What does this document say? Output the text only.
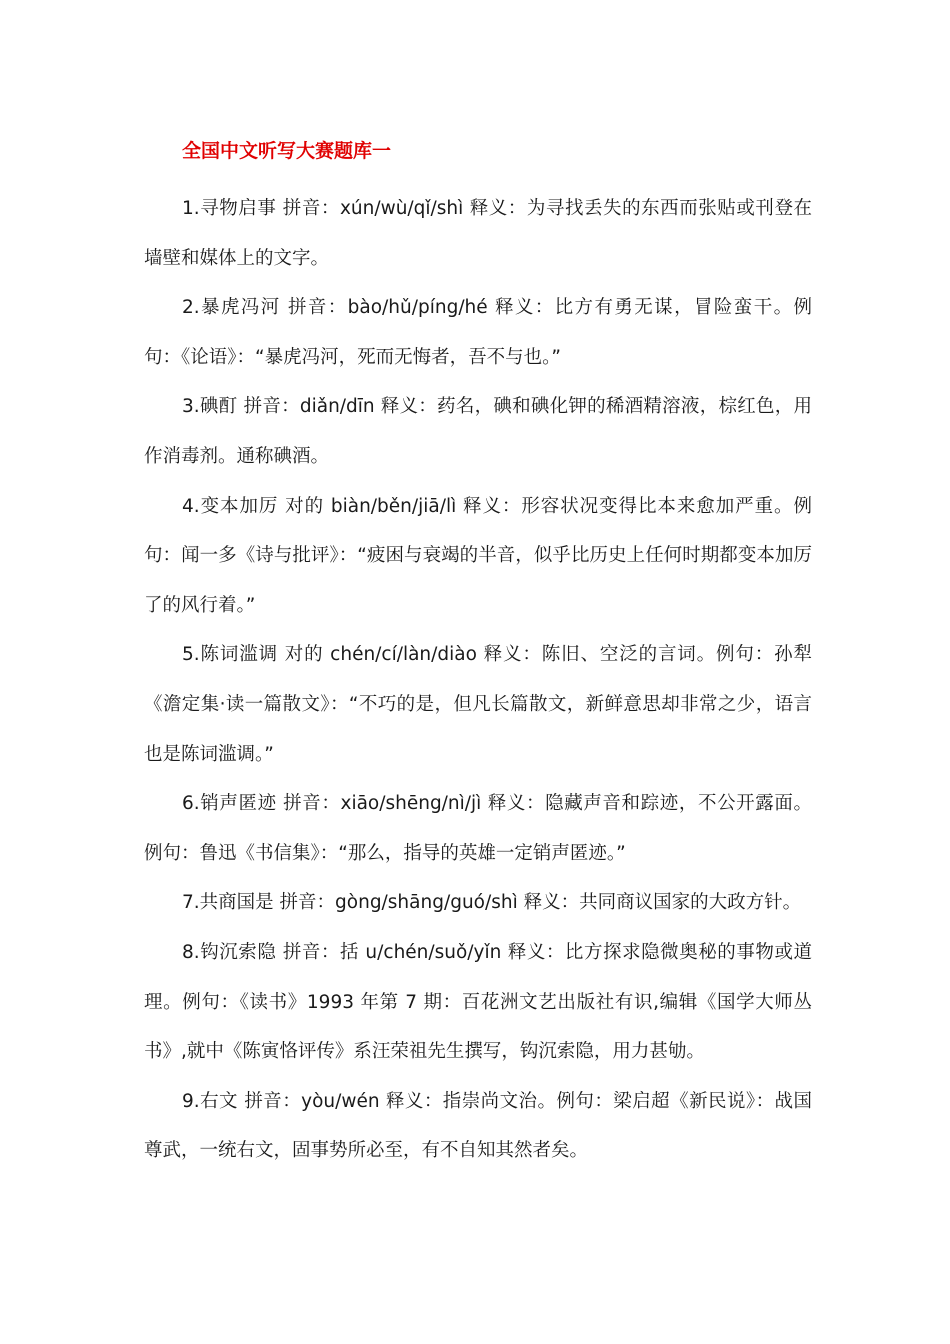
全国中文听写大赛题库一

1.寻物启事 拼音：xún/wù/qǐ/shì 释义：为寻找丢失的东西而张贴或刊登在墙壁和媒体上的文字。

2.暴虎冯河 拼音：bào/hǔ/píng/hé 释义：比方有勇无谋，冒险蛮干。例句：《论语》：“暴虎冯河，死而无悔者，吾不与也。”

3.碘酊 拼音：diǎn/dīn 释义：药名，碘和碘化钾的稀酒精溶液，棕红色，用作消毒剂。通称碘酒。

4.变本加厉 对的 biàn/běn/jiā/lì 释义：形容状况变得比本来愈加严重。例句：闻一多《诗与批评》：“疲困与衰竭的半音，似乎比历史上任何时期都变本加厉了的风行着。”

5.陈词滥调 对的 chén/cí/làn/diào 释义：陈旧、空泛的言词。例句：孙犁《澹定集·读一篇散文》：“不巧的是，但凡长篇散文，新鲜意思却非常之少，语言也是陈词滥调。”

6.销声匿迹 拼音：xiāo/shēng/nì/jì 释义：隐藏声音和踪迹，不公开露面。例句：鲁迅《书信集》：“那么，指导的英雄一定销声匿迹。”

7.共商国是 拼音：gòng/shāng/guó/shì 释义：共同商议国家的大政方针。

8.钩沉索隐 拼音：括 u/chén/suǒ/yǐn 释义：比方探求隐微奥秘的事物或道理。例句：《读书》1993 年第 7 期：百花洲文艺出版社有识,编辑《国学大师丛书》,就中《陈寅恪评传》系汪荣祖先生撰写，钩沉索隐，用力甚劬。

9.右文 拼音：yòu/wén 释义：指崇尚文治。例句：梁启超《新民说》：战国尊武，一统右文，固事势所必至，有不自知其然者矣。
